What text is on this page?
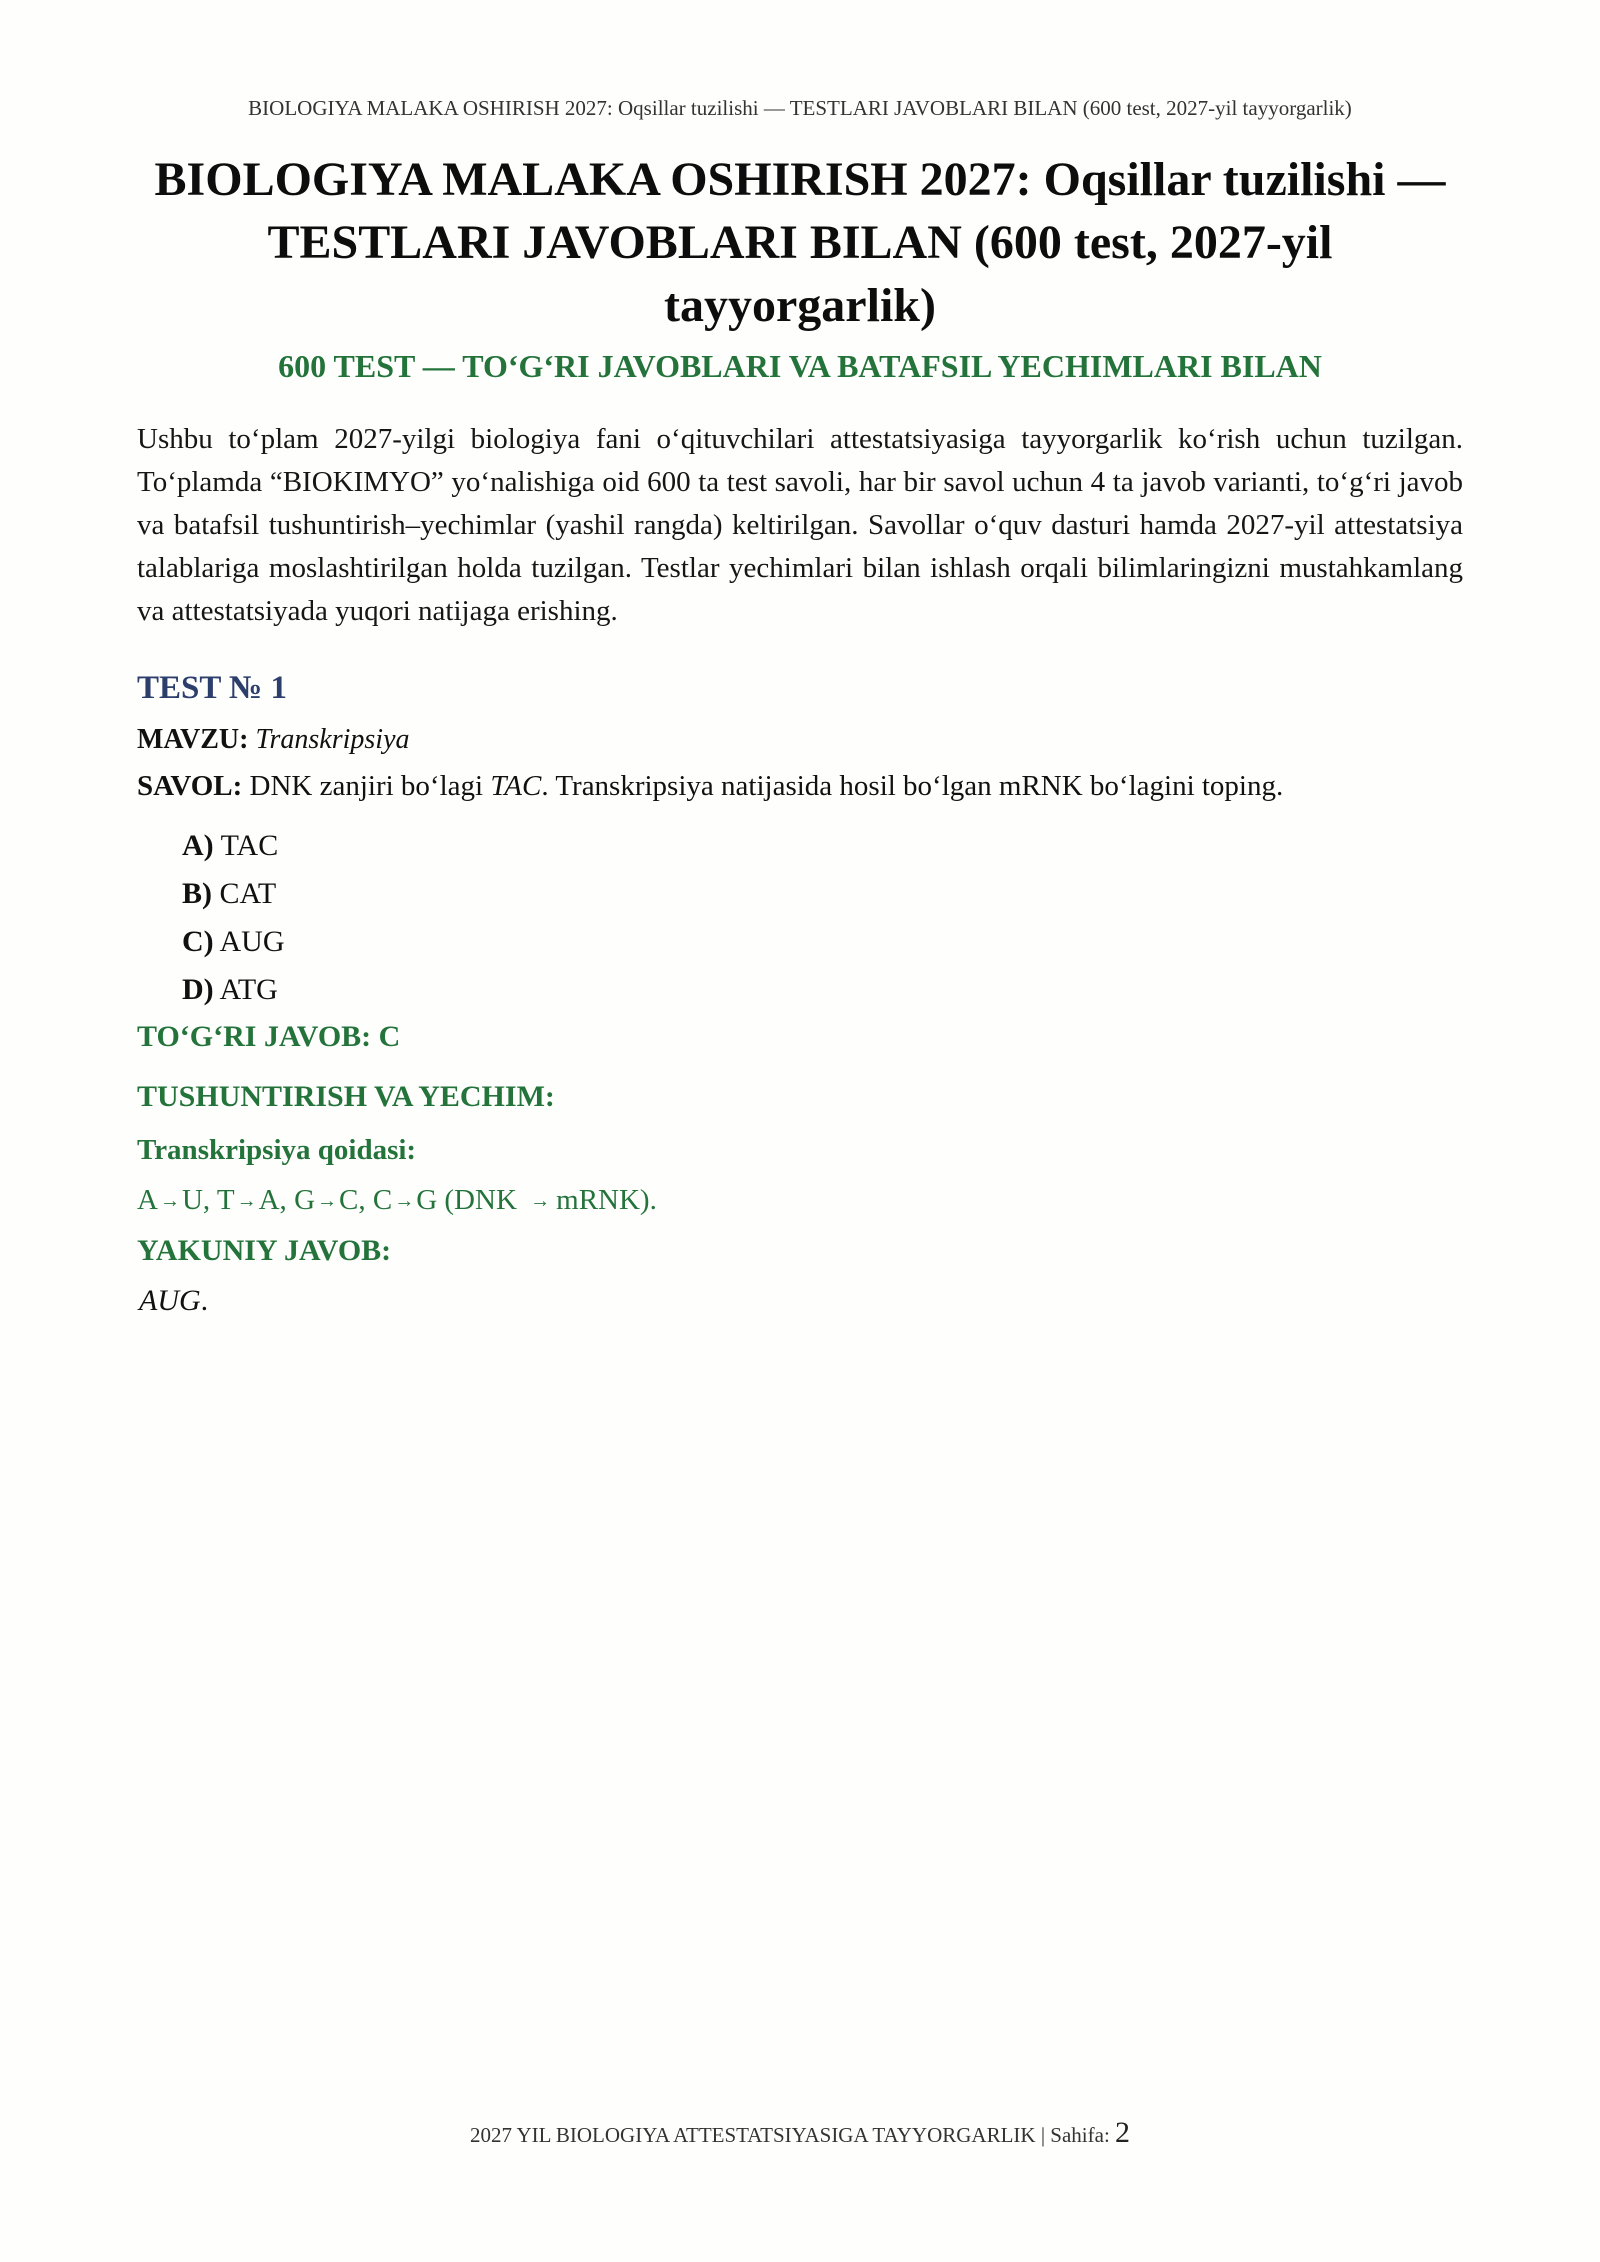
BIOLOGIYA MALAKA OSHIRISH 2027: Oqsillar tuzilishi — TESTLARI JAVOBLARI BILAN (600 test, 2027-yil tayyorgarlik)
BIOLOGIYA MALAKA OSHIRISH 2027: Oqsillar tuzilishi — TESTLARI JAVOBLARI BILAN (600 test, 2027-yil tayyorgarlik)
600 TEST — TO‘G‘RI JAVOBLARI VA BATAFSIL YECHIMLARI BILAN

Ushbu to‘plam 2027-yilgi biologiya fani o‘qituvchilari attestatsiyasiga tayyorgarlik ko‘rish uchun tuzilgan. To‘plamda “BIOKIMYO” yo‘nalishiga oid 600 ta test savoli, har bir savol uchun 4 ta javob varianti, to‘g‘ri javob va batafsil tushuntirish–yechimlar (yashil rangda) keltirilgan. Savollar o‘quv dasturi hamda 2027-yil attestatsiya talablariga moslashtirilgan holda tuzilgan. Testlar yechimlari bilan ishlash orqali bilimlaringizni mustahkamlang va attestatsiyada yuqori natijaga erishing.

TEST № 1
MAVZU: Transkripsiya
SAVOL: DNK zanjiri bo‘lagi TAC. Transkripsiya natijasida hosil bo‘lgan mRNK bo‘lagini toping.
A) TAC
B) CAT
C) AUG
D) ATG
TO‘G‘RI JAVOB: C
TUSHUNTIRISH VA YECHIM:
Transkripsiya qoidasi:
A →U, T →A, G →C, C →G (DNK → mRNK).
YAKUNIY JAVOB:
AUG.
2027 YIL BIOLOGIYA ATTESTATSIYASIGA TAYYORGARLIK | Sahifa: 2
